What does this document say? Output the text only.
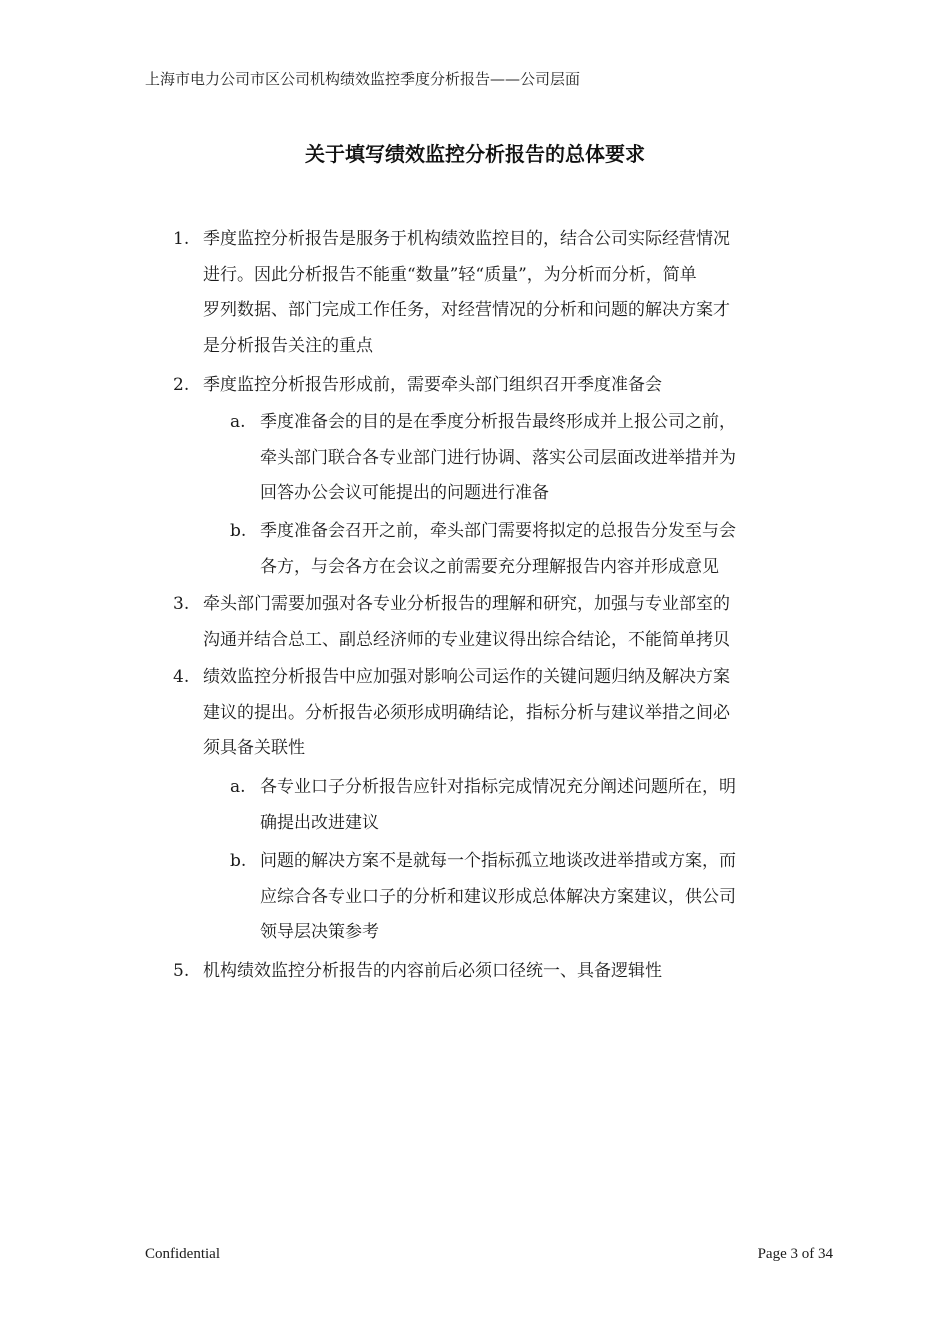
上海市电力公司市区公司机构绩效监控季度分析报告——公司层面
关于填写绩效监控分析报告的总体要求
1. 季度监控分析报告是服务于机构绩效监控目的，结合公司实际经营情况
进行。因此分析报告不能重“数量”轻“质量”，为分析而分析，简单
罗列数据、部门完成工作任务，对经营情况的分析和问题的解决方案才
是分析报告关注的重点
2. 季度监控分析报告形成前，需要牵头部门组织召开季度准备会
a. 季度准备会的目的是在季度分析报告最终形成并上报公司之前，
牵头部门联合各专业部门进行协调、落实公司层面改进举措并为
回答办公会议可能提出的问题进行准备
b. 季度准备会召开之前，牵头部门需要将拟定的总报告分发至与会
各方，与会各方在会议之前需要充分理解报告内容并形成意见
3. 牵头部门需要加强对各专业分析报告的理解和研究，加强与专业部室的
沟通并结合总工、副总经济师的专业建议得出综合结论，不能简单拷贝
4. 绩效监控分析报告中应加强对影响公司运作的关键问题归纳及解决方案
建议的提出。分析报告必须形成明确结论，指标分析与建议举措之间必
须具备关联性
a. 各专业口子分析报告应针对指标完成情况充分阐述问题所在，明
确提出改进建议
b. 问题的解决方案不是就每一个指标孤立地谈改进举措或方案，而
应综合各专业口子的分析和建议形成总体解决方案建议，供公司
领导层决策参考
5. 机构绩效监控分析报告的内容前后必须口径统一、具备逻辑性
Confidential	Page 3 of 34
